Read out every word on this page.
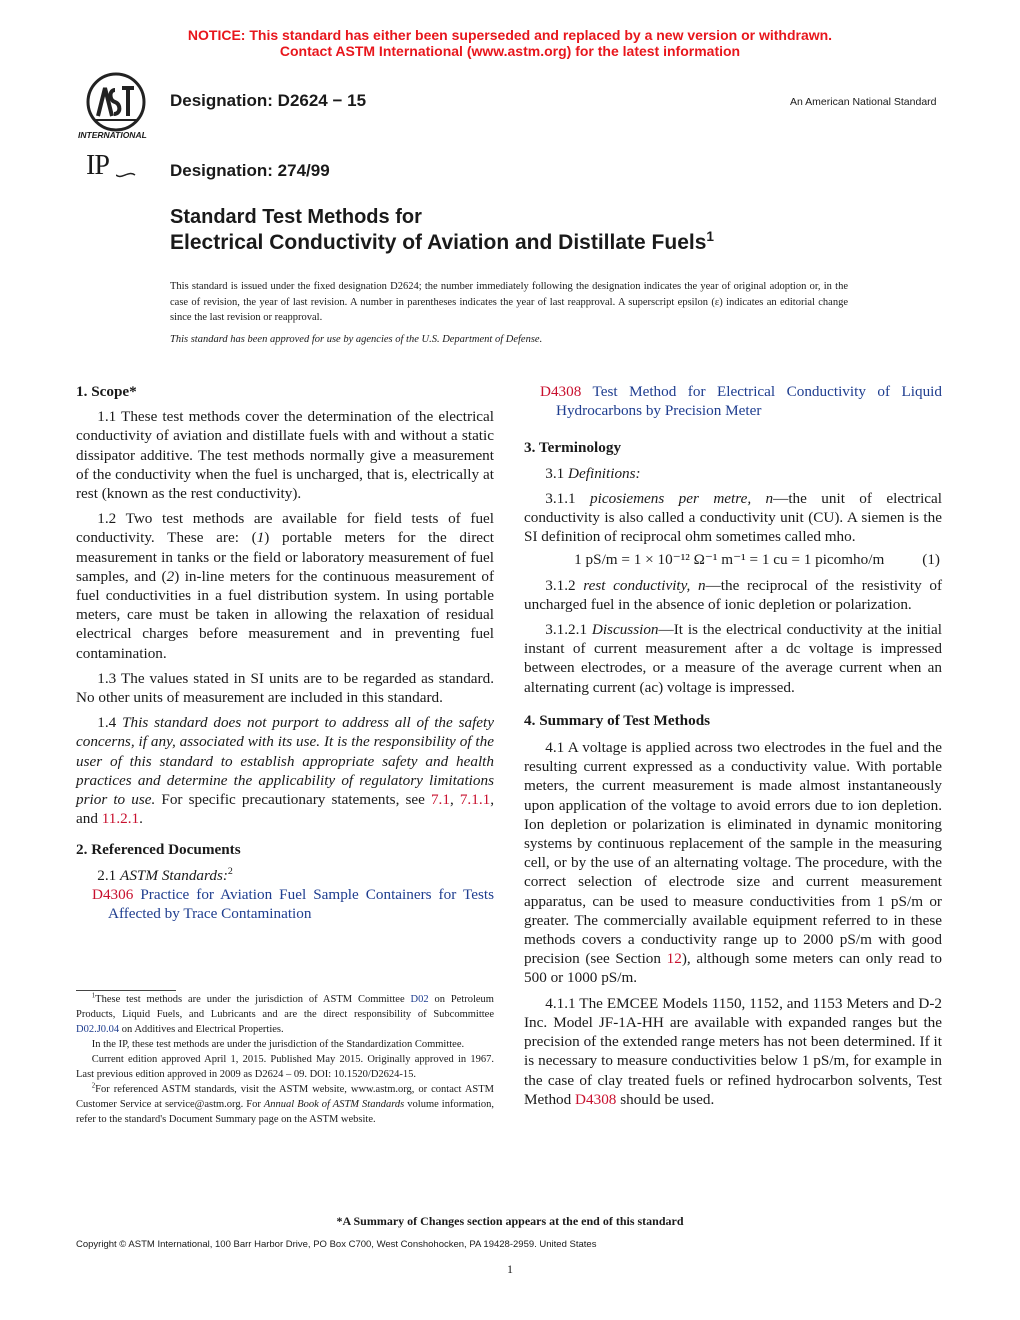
NOTICE: This standard has either been superseded and replaced by a new version or withdrawn.
Contact ASTM International (www.astm.org) for the latest information
INTERNATIONAL
Designation: D2624 − 15	An American National Standard
IP	Designation: 274/99
Standard Test Methods for
Electrical Conductivity of Aviation and Distillate Fuels$^1$
This standard is issued under the fixed designation D2624; the number immediately following the designation indicates the year of original adoption or, in the case of revision, the year of last revision. A number in parentheses indicates the year of last reapproval. A superscript epsilon (ε) indicates an editorial change since the last revision or reapproval.
This standard has been approved for use by agencies of the U.S. Department of Defense.
1. Scope*

1.1 These test methods cover the determination of the electrical conductivity of aviation and distillate fuels with and without a static dissipator additive. The test methods normally give a measurement of the conductivity when the fuel is uncharged, that is, electrically at rest (known as the rest conductivity).

1.2 Two test methods are available for field tests of fuel conductivity. These are: (1) portable meters for the direct measurement in tanks or the field or laboratory measurement of fuel samples, and (2) in-line meters for the continuous measurement of fuel conductivities in a fuel distribution system. In using portable meters, care must be taken in allowing the relaxation of residual electrical charges before measurement and in preventing fuel contamination.

1.3 The values stated in SI units are to be regarded as standard. No other units of measurement are included in this standard.

1.4 This standard does not purport to address all of the safety concerns, if any, associated with its use. It is the responsibility of the user of this standard to establish appropriate safety and health practices and determine the applicability of regulatory limitations prior to use. For specific precautionary statements, see 7.1, 7.1.1, and 11.2.1.

2. Referenced Documents

2.1 ASTM Standards:$^2$

D4306 Practice for Aviation Fuel Sample Containers for Tests Affected by Trace Contamination

$^1$These test methods are under the jurisdiction of ASTM Committee D02 on Petroleum Products, Liquid Fuels, and Lubricants and are the direct responsibility of Subcommittee D02.J0.04 on Additives and Electrical Properties.

In the IP, these test methods are under the jurisdiction of the Standardization Committee.

Current edition approved April 1, 2015. Published May 2015. Originally approved in 1967. Last previous edition approved in 2009 as D2624 – 09. DOI: 10.1520/D2624-15.

$^2$For referenced ASTM standards, visit the ASTM website, www.astm.org, or contact ASTM Customer Service at service@astm.org. For Annual Book of ASTM Standards volume information, refer to the standard's Document Summary page on the ASTM website.

D4308 Test Method for Electrical Conductivity of Liquid Hydrocarbons by Precision Meter
3. Terminology

3.1 Definitions:

3.1.1 picosiemens per metre, n—the unit of electrical conductivity is also called a conductivity unit (CU). A siemen is the SI definition of reciprocal ohm sometimes called mho.

1 pS/m = 1 × 10⁻¹² Ω⁻¹ m⁻¹ = 1 cu = 1 picomho/m	(1)

3.1.2 rest conductivity, n—the reciprocal of the resistivity of uncharged fuel in the absence of ionic depletion or polarization.

3.1.2.1 Discussion—It is the electrical conductivity at the initial instant of current measurement after a dc voltage is impressed between electrodes, or a measure of the average current when an alternating current (ac) voltage is impressed.

4. Summary of Test Methods

4.1 A voltage is applied across two electrodes in the fuel and the resulting current expressed as a conductivity value. With portable meters, the current measurement is made almost instantaneously upon application of the voltage to avoid errors due to ion depletion. Ion depletion or polarization is eliminated in dynamic monitoring systems by continuous replacement of the sample in the measuring cell, or by the use of an alternating voltage. The procedure, with the correct selection of electrode size and current measurement apparatus, can be used to measure conductivities from 1 pS/m or greater. The commercially available equipment referred to in these methods covers a conductivity range up to 2000 pS/m with good precision (see Section 12), although some meters can only read to 500 or 1000 pS/m.

4.1.1 The EMCEE Models 1150, 1152, and 1153 Meters and D-2 Inc. Model JF-1A-HH are available with expanded ranges but the precision of the extended range meters has not been determined. If it is necessary to measure conductivities below 1 pS/m, for example in the case of clay treated fuels or refined hydrocarbon solvents, Test Method D4308 should be used.

*A Summary of Changes section appears at the end of this standard
Copyright © ASTM International, 100 Barr Harbor Drive, PO Box C700, West Conshohocken, PA 19428-2959. United States
1
